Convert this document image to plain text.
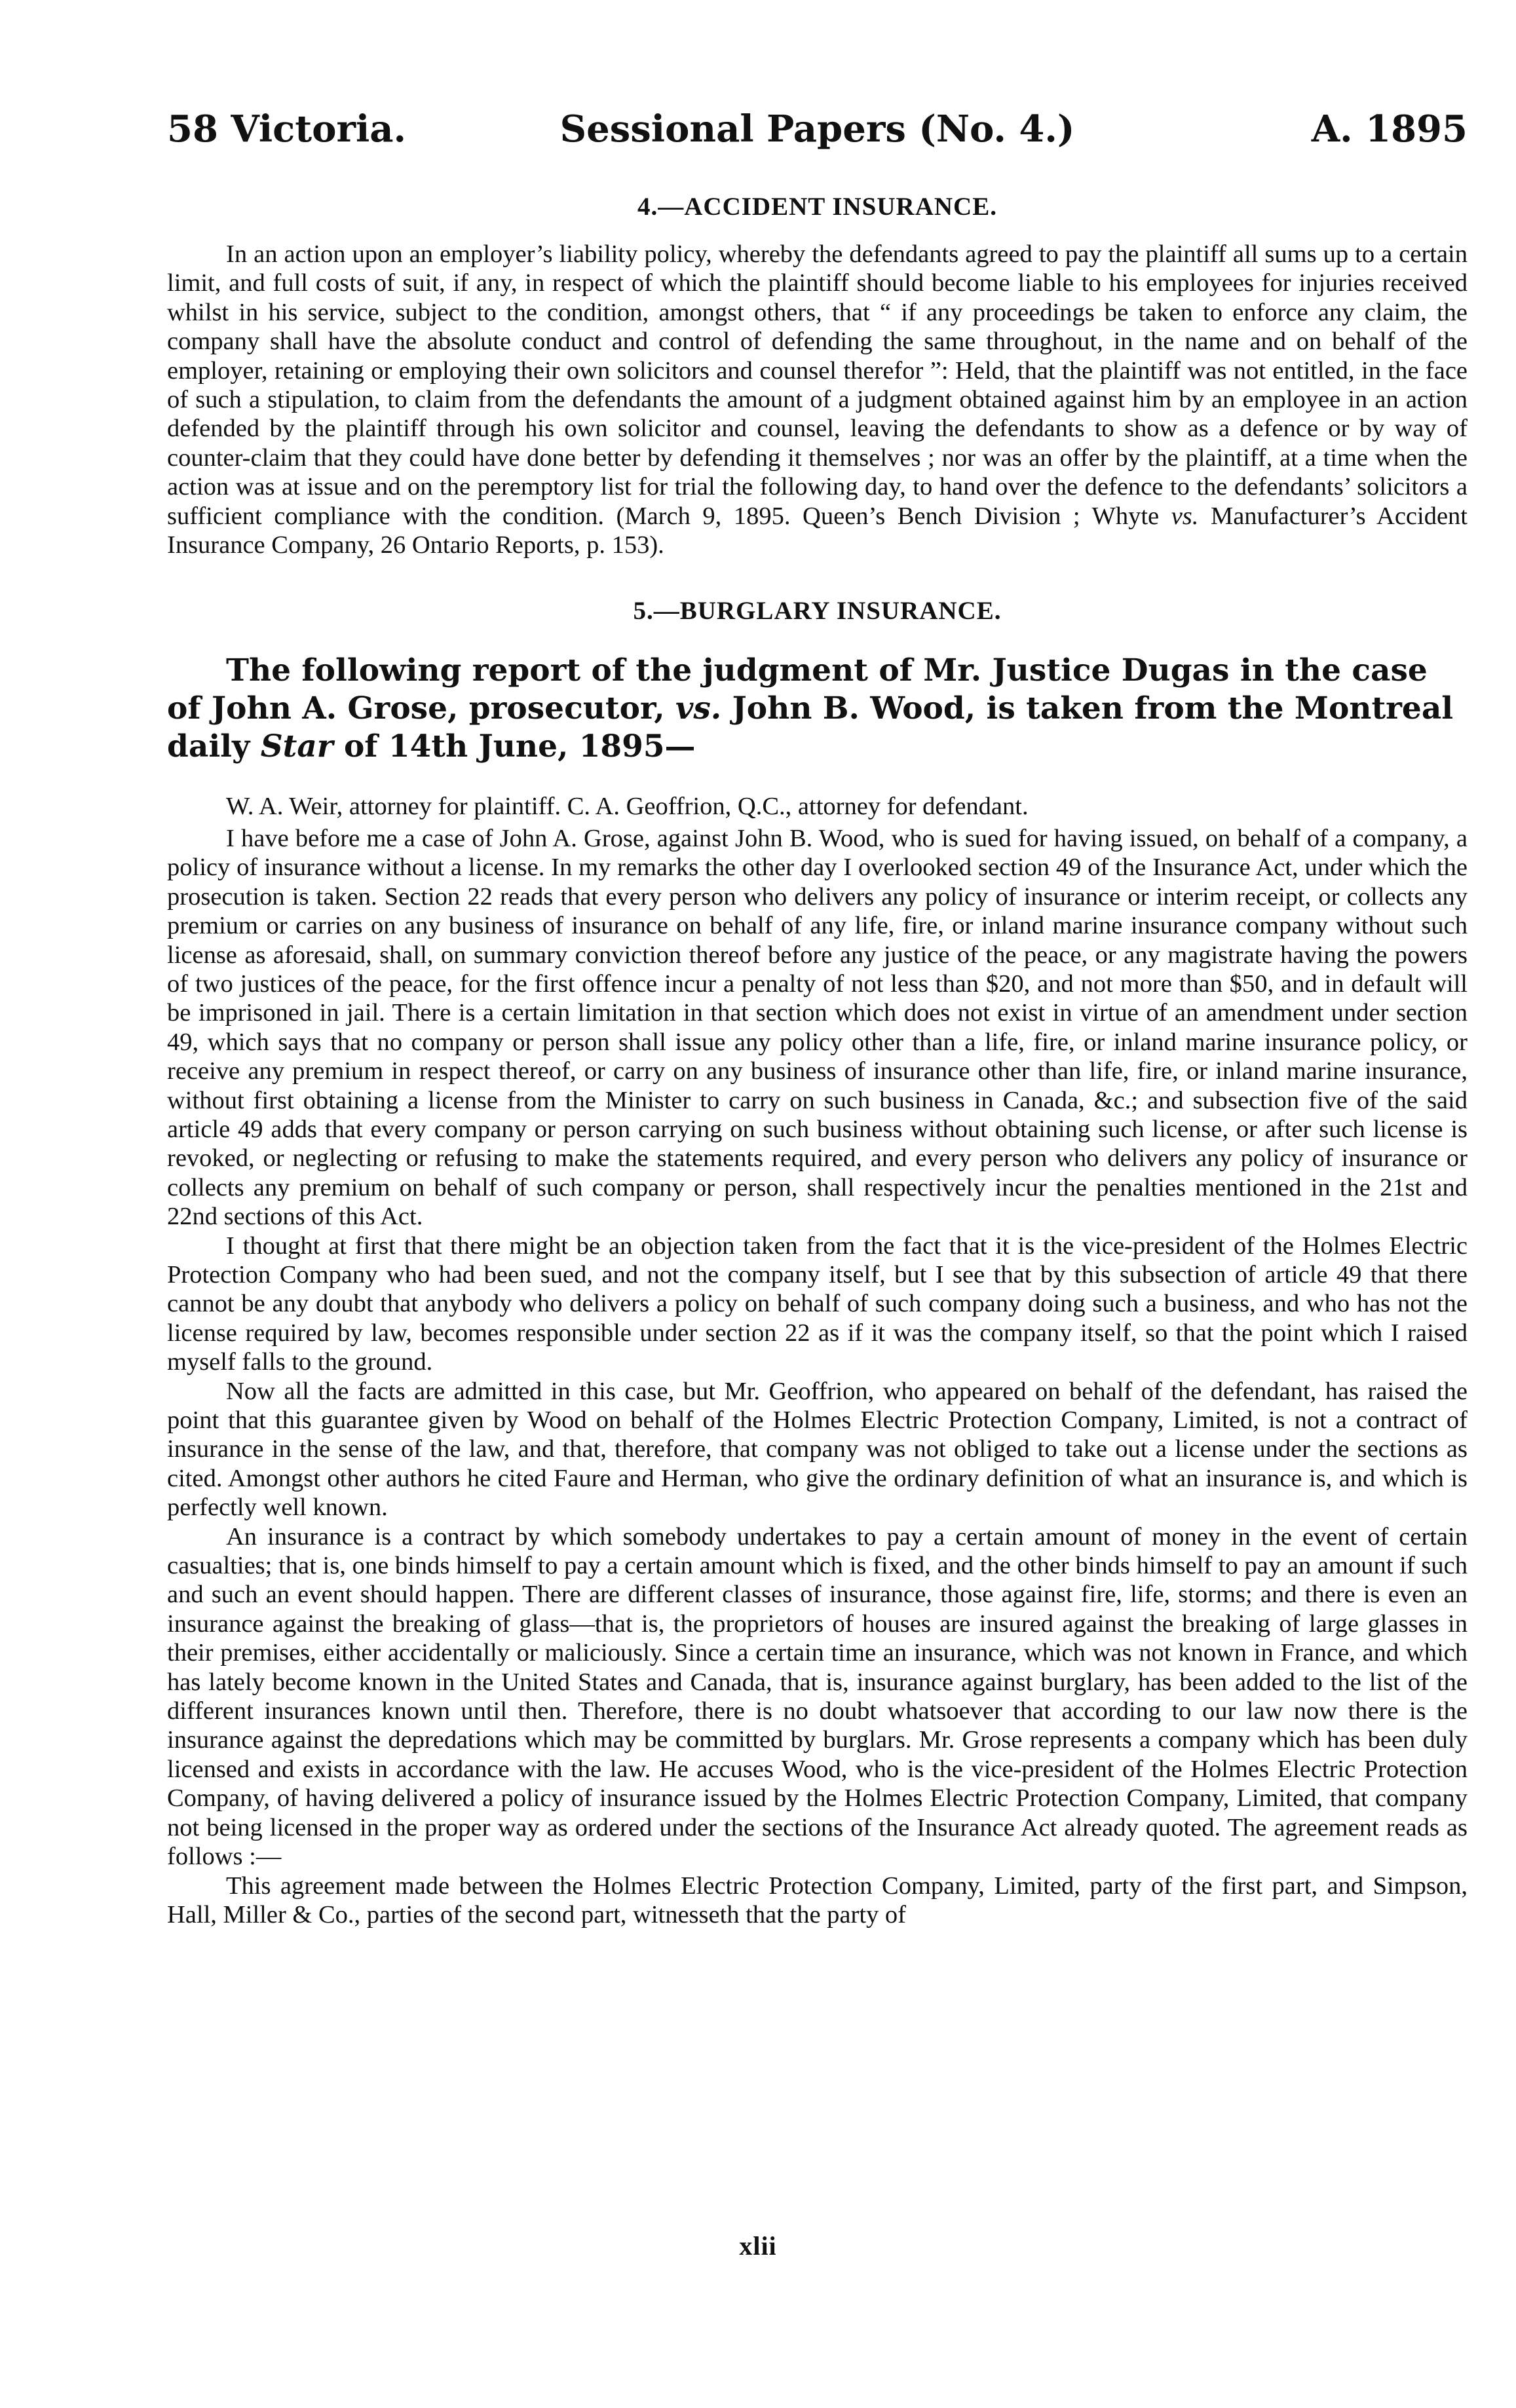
58 Victoria.	Sessional Papers (No. 4.)	A. 1895
4.—ACCIDENT INSURANCE.

In an action upon an employer’s liability policy, whereby the defendants agreed to pay the plaintiff all sums up to a certain limit, and full costs of suit, if any, in respect of which the plaintiff should become liable to his employees for injuries received whilst in his service, subject to the condition, amongst others, that “ if any proceedings be taken to enforce any claim, the company shall have the absolute conduct and control of defending the same throughout, in the name and on behalf of the employer, retaining or employing their own solicitors and counsel therefor ”: Held, that the plaintiff was not entitled, in the face of such a stipulation, to claim from the defendants the amount of a judgment obtained against him by an employee in an action defended by the plaintiff through his own solicitor and counsel, leaving the defendants to show as a defence or by way of counter-claim that they could have done better by defending it themselves ; nor was an offer by the plaintiff, at a time when the action was at issue and on the peremptory list for trial the following day, to hand over the defence to the defendants’ solicitors a sufficient compliance with the condition. (March 9, 1895. Queen’s Bench Division ; Whyte vs. Manufacturer’s Accident Insurance Company, 26 Ontario Reports, p. 153).

5.—BURGLARY INSURANCE.

The following report of the judgment of Mr. Justice Dugas in the case of John A. Grose, prosecutor, vs. John B. Wood, is taken from the Montreal daily Star of 14th June, 1895—

W. A. Weir, attorney for plaintiff. C. A. Geoffrion, Q.C., attorney for defendant.

I have before me a case of John A. Grose, against John B. Wood, who is sued for having issued, on behalf of a company, a policy of insurance without a license. In my remarks the other day I overlooked section 49 of the Insurance Act, under which the prosecution is taken. Section 22 reads that every person who delivers any policy of insurance or interim receipt, or collects any premium or carries on any business of insurance on behalf of any life, fire, or inland marine insurance company without such license as aforesaid, shall, on summary conviction thereof before any justice of the peace, or any magistrate having the powers of two justices of the peace, for the first offence incur a penalty of not less than $20, and not more than $50, and in default will be imprisoned in jail. There is a certain limitation in that section which does not exist in virtue of an amendment under section 49, which says that no company or person shall issue any policy other than a life, fire, or inland marine insurance policy, or receive any premium in respect thereof, or carry on any business of insurance other than life, fire, or inland marine insurance, without first obtaining a license from the Minister to carry on such business in Canada, &c.; and subsection five of the said article 49 adds that every company or person carrying on such business without obtaining such license, or after such license is revoked, or neglecting or refusing to make the statements required, and every person who delivers any policy of insurance or collects any premium on behalf of such company or person, shall respectively incur the penalties mentioned in the 21st and 22nd sections of this Act.

I thought at first that there might be an objection taken from the fact that it is the vice-president of the Holmes Electric Protection Company who had been sued, and not the company itself, but I see that by this subsection of article 49 that there cannot be any doubt that anybody who delivers a policy on behalf of such company doing such a business, and who has not the license required by law, becomes responsible under section 22 as if it was the company itself, so that the point which I raised myself falls to the ground.

Now all the facts are admitted in this case, but Mr. Geoffrion, who appeared on behalf of the defendant, has raised the point that this guarantee given by Wood on behalf of the Holmes Electric Protection Company, Limited, is not a contract of insurance in the sense of the law, and that, therefore, that company was not obliged to take out a license under the sections as cited. Amongst other authors he cited Faure and Herman, who give the ordinary definition of what an insurance is, and which is perfectly well known.

An insurance is a contract by which somebody undertakes to pay a certain amount of money in the event of certain casualties; that is, one binds himself to pay a certain amount which is fixed, and the other binds himself to pay an amount if such and such an event should happen. There are different classes of insurance, those against fire, life, storms; and there is even an insurance against the breaking of glass—that is, the proprietors of houses are insured against the breaking of large glasses in their premises, either accidentally or maliciously. Since a certain time an insurance, which was not known in France, and which has lately become known in the United States and Canada, that is, insurance against burglary, has been added to the list of the different insurances known until then. Therefore, there is no doubt whatsoever that according to our law now there is the insurance against the depredations which may be committed by burglars. Mr. Grose represents a company which has been duly licensed and exists in accordance with the law. He accuses Wood, who is the vice-president of the Holmes Electric Protection Company, of having delivered a policy of insurance issued by the Holmes Electric Protection Company, Limited, that company not being licensed in the proper way as ordered under the sections of the Insurance Act already quoted. The agreement reads as follows :—

This agreement made between the Holmes Electric Protection Company, Limited, party of the first part, and Simpson, Hall, Miller & Co., parties of the second part, witnesseth that the party of

xlii
